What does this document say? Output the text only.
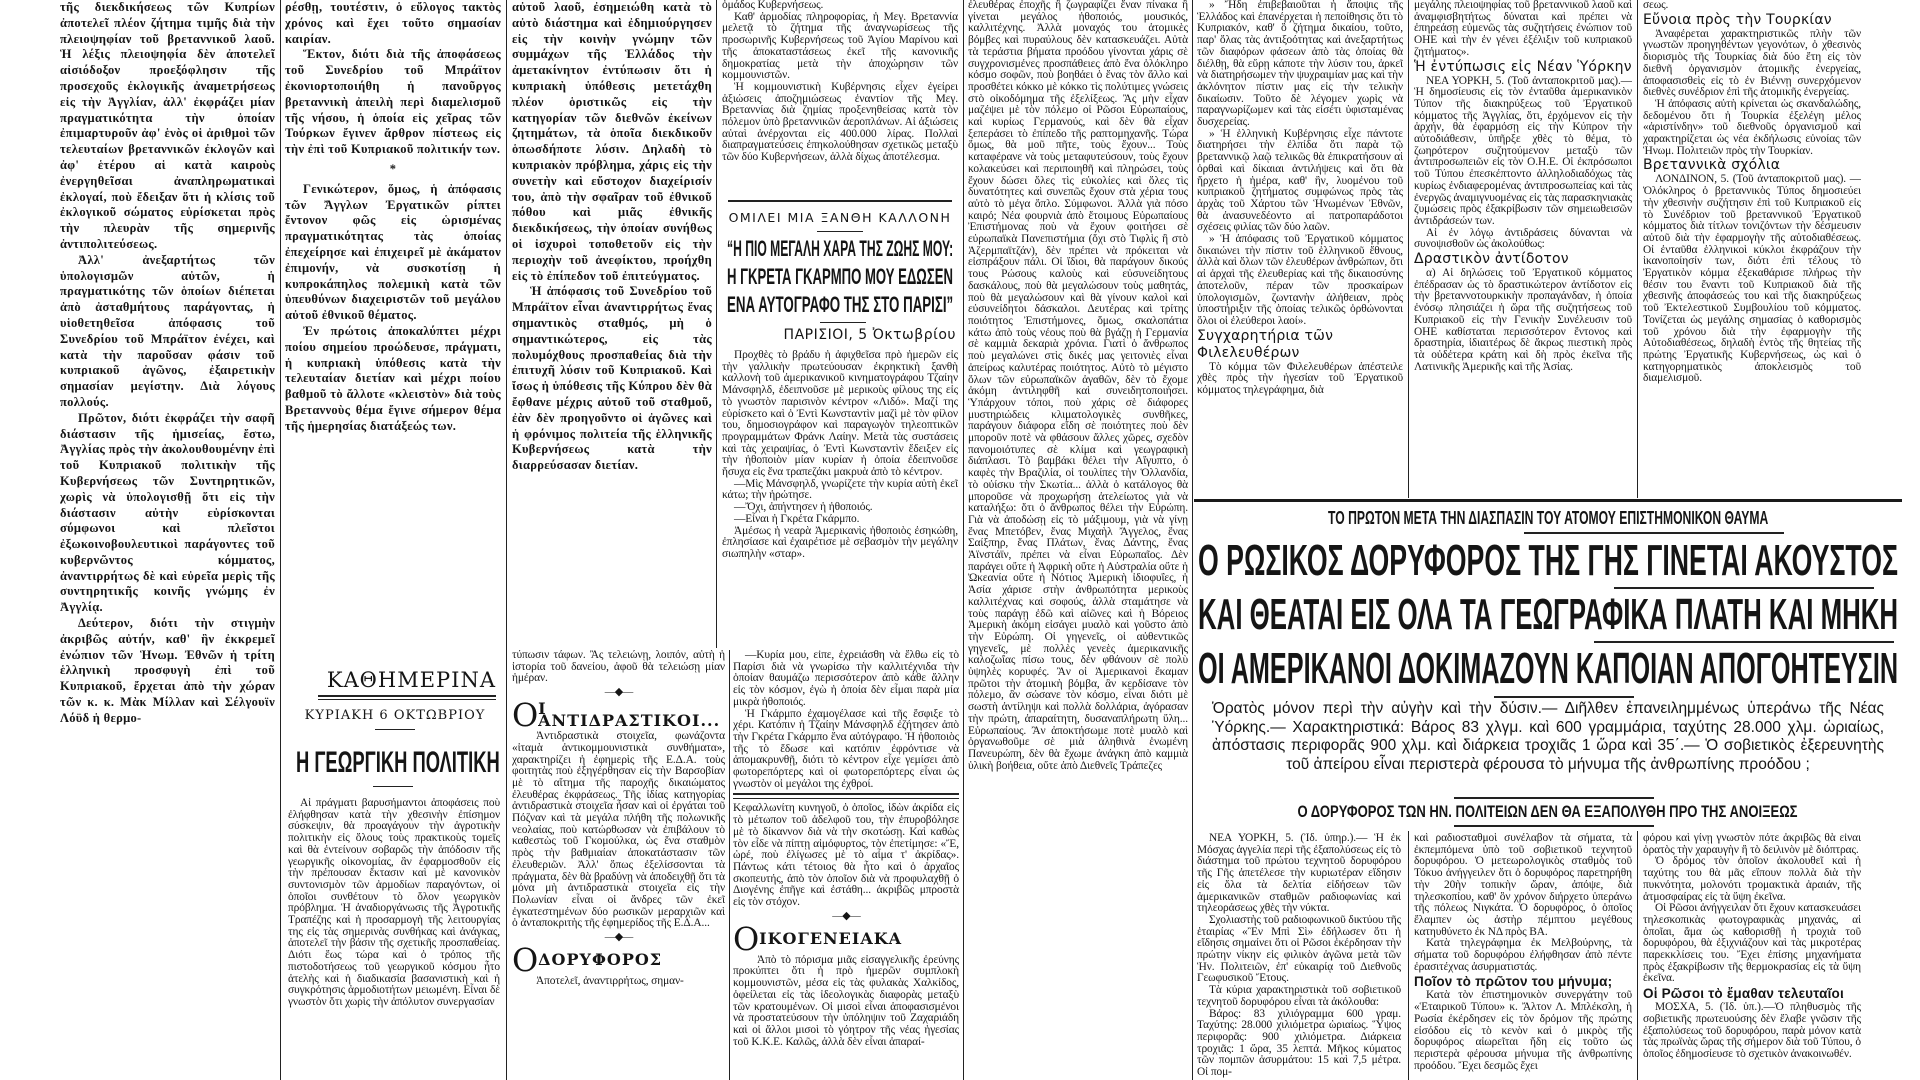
τῆς διεκδικήσεως τῶν Κυπρίων ἀποτελεῖ πλέον ζήτημα τιμῆς διὰ τὴν πλειοψηφίαν τοῦ βρεταννικοῦ λαοῦ. Ἡ λέξις πλειοψηφία δὲν ἀποτελεῖ αἰσιόδοξον προεξόφλησιν τῆς προσεχοῦς ἐκλογικῆς ἀναμετρήσεως εἰς τὴν Ἀγγλίαν, ἀλλ' ἐκφράζει μίαν πραγματικότητα τὴν ὁποίαν ἐπιμαρτυροῦν ἀφ' ἑνὸς οἱ ἀριθμοὶ τῶν τελευταίων βρεταννικῶν ἐκλογῶν καὶ ἀφ' ἑτέρου αἱ κατὰ καιροὺς ἐνεργηθεῖσαι ἀναπληρωματικαὶ ἐκλογαί, ποὺ ἔδειξαν ὅτι ἡ κλίσις τοῦ ἐκλογικοῦ σώματος εὑρίσκεται πρὸς τὴν πλευρὰν τῆς σημερινῆς ἀντιπολιτεύσεως.

Ἀλλ' ἀνεξαρτήτως τῶν ὑπολογισμῶν αὐτῶν, ἡ πραγματικότης τῶν ὁποίων διέπεται ἀπὸ ἀσταθμήτους παράγοντας, ἡ υἱοθετηθεῖσα ἀπόφασις τοῦ Συνεδρίου τοῦ Μπράϊτον ἐνέχει, καὶ κατὰ τὴν παροῦσαν φάσιν τοῦ κυπριακοῦ ἀγῶνος, ἐξαιρετικὴν σημασίαν μεγίστην. Διὰ λόγους πολλούς.

Πρῶτον, διότι ἐκφράζει τὴν σαφῆ διάστασιν τῆς ἡμισείας, ἔστω, Ἀγγλίας πρὸς τὴν ἀκολουθουμένην ἐπὶ τοῦ Κυπριακοῦ πολιτικὴν τῆς Κυβερνήσεως τῶν Συντηρητικῶν, χωρὶς νὰ ὑπολογισθῇ ὅτι εἰς τὴν διάστασιν αὐτὴν εὑρίσκονται σύμφωνοι καὶ πλεῖστοι ἐξωκοινοβουλευτικοὶ παράγοντες τοῦ κυβερνῶντος κόμματος, ἀναντιρρήτως δὲ καὶ εὐρεῖα μερὶς τῆς συντηρητικῆς κοινῆς γνώμης ἐν Ἀγγλίᾳ.

Δεύτερον, διότι τὴν στιγμὴν ἀκριβῶς αὐτήν, καθ' ἣν ἐκκρεμεῖ ἐνώπιον τῶν Ἡνωμ. Ἐθνῶν ἡ τρίτη ἑλληνικὴ προσφυγὴ ἐπὶ τοῦ Κυπριακοῦ, ἔρχεται ἀπὸ τὴν χώραν τῶν κ. κ. Μὰκ Μίλλαν καὶ Σέλγουϊν Λόϋδ ἡ θερμο-

ρέσθῃ, τουτέστιν, ὁ εὔλογος τακτὸς χρόνος καὶ ἔχει τοῦτο σημασίαν καιρίαν.

Ἕκτον, διότι διὰ τῆς ἀποφάσεως τοῦ Συνεδρίου τοῦ Μπράϊτον ἐκονιορτοποιήθη ἡ πανοῦργος βρεταννικὴ ἀπειλὴ περὶ διαμελισμοῦ τῆς νήσου, ἡ ὁποία εἰς χεῖρας τῶν Τούρκων ἔγινεν ἄρθρον πίστεως εἰς τὴν ἐπὶ τοῦ Κυπριακοῦ πολιτικήν των.

*

Γενικώτερον, ὅμως, ἡ ἀπόφασις τῶν Ἄγγλων Ἐργατικῶν ρίπτει ἔντονον φῶς εἰς ὡρισμένας πραγματικότητας τὰς ὁποίας ἐπεχείρησε καὶ ἐπιχειρεῖ μὲ ἀκάματον ἐπιμονήν, νὰ συσκοτίσῃ ἡ κυπροκάπηλος πολεμικὴ κατὰ τῶν ὑπευθύνων διαχειριστῶν τοῦ μεγάλου αὐτοῦ ἐθνικοῦ θέματος.

Ἐν πρώτοις ἀποκαλύπτει μέχρι ποίου σημείου προώδευσε, πράγματι, ἡ κυπριακὴ ὑπόθεσις κατὰ τὴν τελευταίαν διετίαν καὶ μέχρι ποίου βαθμοῦ τὸ ἄλλοτε «κλειστὸν» διὰ τοὺς Βρεταννοὺς θέμα ἔγινε σήμερον θέμα τῆς ἡμερησίας διατάξεώς των.

ΚΑΘΗΜΕΡΙΝΑ
ΚΥΡΙΑΚΗ 6 ΟΚΤΩΒΡΙΟΥ
Η ΓΕΩΡΓΙΚΗ ΠΟΛΙΤΙΚΗ

Αἱ πράγματι βαρυσήμαντοι ἀποφάσεις ποὺ ἐλήφθησαν κατὰ τὴν χθεσινὴν ἐπίσημον σύσκεψιν, θὰ προαγάγουν τὴν ἀγροτικὴν πολιτικὴν εἰς ὅλους τοὺς πρακτικοὺς τομεῖς καὶ θὰ ἐντείνουν σοβαρῶς τὴν ἀπόδοσιν τῆς γεωργικῆς οἰκονομίας, ἂν ἐφαρμοσθοῦν εἰς τὴν πρέπουσαν ἔκτασιν καὶ μὲ κανονικὸν συντονισμὸν τῶν ἁρμοδίων παραγόντων, οἱ ὁποῖοι συνθέτουν τὸ ὅλον γεωργικὸν πρόβλημα. Ἡ ἀναδιοργάνωσις τῆς Ἀγροτικῆς Τραπέζης καὶ ἡ προσαρμογὴ τῆς λειτουργίας της εἰς τὰς σημερινὰς συνθήκας καὶ ἀνάγκας, ἀποτελεῖ τὴν βάσιν τῆς σχετικῆς προσπαθείας. Διότι ἕως τώρα καὶ ὁ τρόπος τῆς πιστοδοτήσεως τοῦ γεωργικοῦ κόσμου ἦτο ἀτελὴς καὶ ἡ διαδικασία βασανιστικὴ καὶ ἡ συγκρότησις ἁρμοδιοτήτων μειωμένη. Εἶναι δὲ γνωστὸν ὅτι χωρὶς τὴν ἀπόλυτον συνεργασίαν

αὐτοῦ λαοῦ, ἐσημειώθη κατὰ τὸ αὐτὸ διάστημα καὶ ἐδημιούργησεν εἰς τὴν κοινὴν γνώμην τῶν συμμάχων τῆς Ἑλλάδος τὴν ἀμετακίνητον ἐντύπωσιν ὅτι ἡ κυπριακὴ ὑπόθεσις μετετάχθη πλέον ὁριστικῶς εἰς τὴν κατηγορίαν τῶν διεθνῶν ἐκείνων ζητημάτων, τὰ ὁποῖα διεκδικοῦν ὁπωσδήποτε λύσιν. Δηλαδὴ τὸ κυπριακὸν πρόβλημα, χάρις εἰς τὴν συνετὴν καὶ εὔστοχον διαχείρισίν του, ἀπὸ τὴν σφαῖραν τοῦ ἐθνικοῦ πόθου καὶ μιᾶς ἐθνικῆς διεκδικήσεως, τὴν ὁποίαν συνήθως οἱ ἰσχυροὶ τοποθετοῦν εἰς τὴν περιοχὴν τοῦ ἀνεφίκτου, προήχθη εἰς τὸ ἐπίπεδον τοῦ ἐπιτεύγματος.

Ἡ ἀπόφασις τοῦ Συνεδρίου τοῦ Μπράϊτον εἶναι ἀναντιρρήτως ἕνας σημαντικὸς σταθμός, μὴ ὁ σημαντικώτερος, εἰς τὰς πολυμόχθους προσπαθείας διὰ τὴν ἐπιτυχῆ λύσιν τοῦ Κυπριακοῦ. Καὶ ἴσως ἡ ὑπόθεσις τῆς Κύπρου δὲν θὰ ἔφθανε μέχρις αὐτοῦ τοῦ σταθμοῦ, ἐὰν δὲν προηγοῦντο οἱ ἀγῶνες καὶ ἡ φρόνιμος πολιτεία τῆς ἑλληνικῆς Κυβερνήσεως κατὰ τὴν διαρρεύσασαν διετίαν.

ὁμάδος Κυβερνήσεως.

Καθ' ἁρμοδίας πληροφορίας, ἡ Μεγ. Βρεταννία μελετᾷ τὸ ζήτημα τῆς ἀναγνωρίσεως τῆς προσωρινῆς Κυβερνήσεως τοῦ Ἁγίου Μαρίνου καὶ τῆς ἀποκαταστάσεως ἐκεῖ τῆς κανονικῆς δημοκρατίας μετὰ τὴν ἀποχώρησιν τῶν κομμουνιστῶν.

Ἡ κομμουνιστικὴ Κυβέρνησις εἶχεν ἐγείρει ἀξιώσεις ἀποζημιώσεως ἐναντίον τῆς Μεγ. Βρεταννίας διὰ ζημίας προξενηθείσας κατὰ τὸν πόλεμον ὑπὸ βρεταννικῶν ἀεροπλάνων. Αἱ ἀξιώσεις αὐταὶ ἀνέρχονται εἰς 400.000 λίρας. Πολλαὶ διαπραγματεύσεις ἐπηκολούθησαν σχετικῶς μεταξὺ τῶν δύο Κυβερνήσεων, ἀλλὰ δίχως ἀποτέλεσμα.

ΟΜΙΛΕΙ ΜΙΑ ΞΑΝΘΗ ΚΑΛΛΟΝΗ
“Η ΠΙΟ ΜΕΓΑΛΗ ΧΑΡΑ ΤΗΣ ΖΩΗΣ ΜΟΥ:
Η ΓΚΡΕΤΑ ΓΚΑΡΜΠΟ ΜΟΥ ΕΔΩΣΕΝ
ΕΝΑ ΑΥΤΟΓΡΑΦΟ ΤΗΣ ΣΤΟ ΠΑΡΙΣΙ”
ΠΑΡΙΣΙΟΙ, 5 Ὀκτωβρίου

Προχθὲς τὸ βράδυ ἡ ἀφιχθεῖσα πρὸ ἡμερῶν εἰς τὴν γαλλικὴν πρωτεύουσαν ἐκρηκτικὴ ξανθὴ καλλονὴ τοῦ ἀμερικανικοῦ κινηματογράφου Τζαίην Μάνσφηλδ, ἐδειπνοῦσε μὲ μερικοὺς φίλους της εἰς τὸ γνωστὸν παρισινὸν κέντρον «Λιδό». Μαζί της εὑρίσκετο καὶ ὁ Ἐντὶ Κωνσταντὶν μαζὶ μὲ τὸν φίλον του, δημοσιογράφον καὶ παραγωγὸν τηλεοπτικῶν προγραμμάτων Φράνκ Λαίην. Μετὰ τὰς συστάσεις καὶ τὰς χειραψίας, ὁ Ἐντὶ Κωνσταντὶν ἔδειξεν εἰς τὴν ἠθοποιὸν μίαν κυρίαν ἡ ὁποία ἐδειπνοῦσε ἥσυχα εἰς ἕνα τραπεζάκι μακρυὰ ἀπὸ τὸ κέντρον.

—Μὶς Μάνσφηλδ, γνωρίζετε τὴν κυρία αὐτὴ ἐκεῖ κάτω; τὴν ἠρώτησε.

—Ὄχι, ἀπήντησεν ἡ ἠθοποιός.

—Εἶναι ἡ Γκρέτα Γκάρμπο.

Ἀμέσως ἡ νεαρὰ Ἀμερικανὶς ἠθοποιὸς ἐσηκώθη, ἐπλησίασε καὶ ἐχαιρέτισε μὲ σεβασμὸν τὴν μεγάλην σιωπηλὴν «σταρ».

τύπωσιν τάφων. Ἂς τελειώνῃ, λοιπόν, αὐτὴ ἡ ἱστορία τοῦ δανείου, ἀφοῦ θὰ τελειώσῃ μίαν ἡμέραν.

—◆—
Ο Ι ΑΝΤΙΔΡΑΣΤΙΚΟΙ...

Ἀντιδραστικὰ στοιχεῖα, φωνάζοντα «ἰταμὰ ἀντικομμουνιστικὰ συνθήματα», χαρακτηρίζει ἡ ἐφημερὶς τῆς Ε.Δ.Α. τοὺς φοιτητὰς ποὺ ἐξηγέρθησαν εἰς τὴν Βαρσοβίαν μὲ τὸ αἴτημα τῆς παροχῆς δικαιώματος ἐλευθέρας ἐκφράσεως. Τῆς ἰδίας κατηγορίας ἀντιδραστικὰ στοιχεῖα ἦσαν καὶ οἱ ἐργάται τοῦ Πόζναν καὶ τὰ μεγάλα πλήθη τῆς πολωνικῆς νεολαίας, ποὺ κατώρθωσαν νὰ ἐπιβάλουν τὸ καθεστὼς τοῦ Γκομούλκα, ὡς ἕνα σταθμὸν πρὸς τὴν βαθμιαίαν ἀποκατάστασιν τῶν ἐλευθεριῶν. Ἀλλ' ὅπως ἐξελίσσονται τὰ πράγματα, δὲν θὰ βραδύνῃ νὰ ἀποδειχθῇ ὅτι τὰ μόνα μὴ ἀντιδραστικὰ στοιχεῖα εἰς τὴν Πολωνίαν εἶναι οἱ ἄνδρες τῶν ἐκεῖ ἐγκατεστημένων δύο ρωσικῶν μεραρχιῶν καὶ ὁ ἀνταποκριτὴς τῆς ἐφημερίδος τῆς Ε.Δ.Α...

—◆—
Ο ΔΟΡΥΦΟΡΟΣ

Ἀποτελεῖ, ἀναντιρρήτως, σημαν-

—Κυρία μου, εἶπε, ἐχρειάσθη νὰ ἔλθω εἰς τὸ Παρίσι διὰ νὰ γνωρίσω τὴν καλλιτέχνιδα τὴν ὁποίαν θαυμάζω περισσότερον ἀπὸ κάθε ἄλλην εἰς τὸν κόσμον, ἐγὼ ἡ ὁποία δὲν εἶμαι παρὰ μία μικρὰ ἠθοποιός.

Ἡ Γκάρμπο ἐχαμογέλασε καὶ τῆς ἔσφιξε τὸ χέρι. Κατόπιν ἡ Τζαίην Μάνσφηλδ ἐζήτησεν ἀπὸ τὴν Γκρέτα Γκάρμπο ἕνα αὐτόγραφο. Ἡ ἠθοποιὸς τῆς τὸ ἔδωσε καὶ κατόπιν ἐφρόντισε νὰ ἀπομακρυνθῇ, διότι τὸ κέντρον εἶχε γεμίσει ἀπὸ φωτορεπόρτερς καὶ οἱ φωτορεπόρτερς εἶναι ὡς γνωστὸν οἱ μεγάλοι της ἐχθροί.

Κεφαλλωνίτη κυνηγοῦ, ὁ ὁποῖος, ἰδὼν ἀκρίδα εἰς τὸ μέτωπον τοῦ ἀδελφοῦ του, τὴν ἐπυροβόλησε μὲ τὸ δίκαννον διὰ νὰ τὴν σκοτώσῃ. Καὶ καθὼς τὸν εἶδε νὰ πίπτῃ αἱμόφυρτος, τὸν ἐπετίμησε: «Ἔ, ὠρέ, ποὺ ἐλίγωσες μὲ τὸ αἷμα τ' ἀκρίδας». Πάντως κάτι τέτοιος θὰ ἦτο καὶ ὁ ἀρχαῖος σκοπευτής, ἀπὸ τὸν ὁποῖον διὰ νὰ προφυλαχθῇ ὁ Διογένης ἐπῆγε καὶ ἐστάθη... ἀκριβῶς μπροστὰ εἰς τὸν στόχον.

—◆—
Ο ΙΚΟΓΕΝΕΙΑΚΑ

Ἀπὸ τὸ πόρισμα μιᾶς εἰσαγγελικῆς ἐρεύνης προκύπτει ὅτι ἡ πρὸ ἡμερῶν συμπλοκὴ κομμουνιστῶν, μέσα εἰς τὰς φυλακὰς Χαλκίδος, ὀφείλεται εἰς τὰς ἰδεολογικὰς διαφορὰς μεταξὺ τῶν κρατουμένων. Οἱ μισοὶ εἶναι ἀποφασισμένοι νὰ προστατεύσουν τὴν ὑπόληψιν τοῦ Ζαχαριάδη καὶ οἱ ἄλλοι μισοὶ τὸ γόητρον τῆς νέας ἡγεσίας τοῦ Κ.Κ.Ε. Καλῶς, ἀλλὰ δὲν εἶναι ἀπαραί-

ἐλευθέρας ἐποχῆς ἢ ζωγραφίζει ἕναν πίνακα ἢ γίνεται μεγάλος ἠθοποιός, μουσικός, καλλιτέχνης. Ἀλλὰ μοναχός του ἀτομικὲς βόμβες καὶ πυραύλους δὲν κατασκευάζει. Αὐτὰ τὰ τεράστια βήματα προόδου γίνονται χάρις σὲ συγχρονισμένες προσπάθειες ἀπὸ ἕνα ὁλόκληρο κόσμο σοφῶν, ποὺ βοηθάει ὁ ἕνας τὸν ἄλλο καὶ προσθέτει κόκκο μὲ κόκκο τὶς πολύτιμες γνώσεις στὸ οἰκοδόμημα τῆς ἐξελίξεως. Ἂς μὴν εἶχαν μαζέψει μὲ τὸν πόλεμο οἱ Ρῶσοι Εὐρωπαίους, καὶ κυρίως Γερμανούς, καὶ δὲν θὰ εἶχαν ξεπεράσει τὸ ἐπίπεδο τῆς ραπτομηχανῆς. Τώρα ὅμως, θὰ μοῦ πῆτε, τοὺς ἔχουν... Τοὺς καταφέρανε νὰ τοὺς μεταφυτεύσουν, τοὺς ἔχουν κολακεύσει καὶ περιποιηθῆ καὶ πληρώσει, τοὺς ἔχουν δώσει ὅλες τὶς εὐκολίες καὶ ὅλες τὶς δυνατότητες καὶ συνεπῶς ἔχουν στὰ χέρια τους αὐτὸ τὸ μέγα ὅπλο. Σύμφωνοι. Ἀλλὰ γιὰ πόσο καιρό; Νέα φουρνιὰ ἀπὸ ἕτοιμους Εὐρωπαίους Ἐπιστήμονας ποὺ νὰ ἔχουν φοιτήσει σὲ εὐρωπαϊκὰ Πανεπιστήμια (ὄχι στὸ Τιφλὶς ἢ στὸ Ἀζερμπαϊτζάν), δὲν πρέπει νὰ πρόκειται νὰ εἰσπράξουν πάλι. Οἱ ἴδιοι, θὰ παράγουν δικούς τους Ρώσους καλοὺς καὶ εὐσυνείδητους δασκάλους, ποὺ θὰ μεγαλώσουν τοὺς μαθητάς, ποὺ θὰ μεγαλώσουν καὶ θὰ γίνουν καλοὶ καὶ εὐσυνείδητοι δάσκαλοι. Δευτέρας καὶ τρίτης ποιότητος Ἐπιστήμονες, ὅμως, σκαλοπάτια κάτω ἀπὸ τοὺς νέους ποὺ θὰ βγάζῃ ἡ Γερμανία σὲ καμμιὰ δεκαριὰ χρόνια. Γιατὶ ὁ ἄνθρωπος ποὺ μεγαλώνει στὶς δικές μας γειτονιὲς εἶναι ἀπείρως καλυτέρας ποιότητος. Αὐτὸ τὸ μέγιστο ὅλων τῶν εὐρωπαϊκῶν ἀγαθῶν, δὲν τὸ ἔχομε ἀκόμη ἀντιληφθῆ καὶ συνειδητοποιήσει. Ὑπάρχουν τόποι, ποὺ χάρις σὲ διάφορες μυστηριώδεις κλιματολογικὲς συνθῆκες, παράγουν διάφορα εἴδη σὲ ποιότητες ποὺ δὲν μποροῦν ποτὲ νὰ φθάσουν ἄλλες χῶρες, σχεδὸν πανομοιότυπες σὲ κλίμα καὶ γεωγραφικὴ διάπλασι. Τὸ βαμβάκι θέλει τὴν Αἴγυπτο, ὁ καφὲς τὴν Βραζιλία, οἱ τουλίπες τὴν Ὁλλανδία, τὸ οὐίσκυ τὴν Σκωτία... ἀλλὰ ὁ κατάλογος θὰ μποροῦσε νὰ προχωρήσῃ ἀτελείωτος γιὰ νὰ καταλήξω: ὅτι ὁ ἄνθρωπος θέλει τὴν Εὐρώπη. Γιὰ νὰ ἀποδώσῃ εἰς τὸ μάξιμουμ, γιὰ νὰ γίνῃ ἕνας Μπετόβεν, ἕνας Μιχαὴλ Ἄγγελος, ἕνας Σαίξπηρ, ἕνας Πλάτων, ἕνας Δάντης, ἕνας Ἀϊνστάϊν, πρέπει νὰ εἶναι Εὐρωπαῖος. Δὲν παράγει οὔτε ἡ Ἀφρικὴ οὔτε ἡ Αὐστραλία οὔτε ἡ Ὠκεανία οὔτε ἡ Νότιος Ἀμερικὴ ἰδιοφυΐες, ἡ Ἀσία χάρισε στὴν ἀνθρωπότητα μερικοὺς καλλιτέχνας καὶ σοφούς, ἀλλὰ σταμάτησε νὰ τοὺς παράγῃ ἐδῶ καὶ αἰῶνες καὶ ἡ Βόρειος Ἀμερικὴ ἀκόμη εἰσάγει μυαλὸ καὶ γοῦστο ἀπὸ τὴν Εὐρώπη. Οἱ γηγενεῖς, οἱ αὐθεντικῶς γηγενεῖς, μὲ πολλὲς γενεὲς ἀμερικανικῆς καλοζωΐας πίσω τους, δὲν φθάνουν σὲ πολὺ ὑψηλὲς κορυφές. Ἂν οἱ Ἀμερικανοὶ ἔκαμαν πρῶτοι τὴν ἀτομικὴ βόμβα, ἂν κερδίσανε τὸν πόλεμο, ἂν σώσανε τὸν κόσμο, εἶναι διότι μὲ σωστὴ ἀντίληψι καὶ πολλὰ δολλάρια, ἀγόρασαν τὴν πρώτη, ἀπαραίτητη, δυσαναπλήρωτη ὕλη... Εὐρωπαίους. Ἂν ἀποκτήσωμε ποτὲ μυαλὸ καὶ ὀργανωθοῦμε σὲ μιὰ ἀληθινὰ ἑνωμένη Πανευρώπη, δὲν θὰ ἔχωμε ἀνάγκη ἀπὸ καμμιὰ ὑλικὴ βοήθεια, οὔτε ἀπὸ Διεθνεῖς Τράπεζες

» Ἤδη ἐπιβεβαιοῦται ἡ ἄποψις τῆς Ἑλλάδος καὶ ἐπανέρχεται ἡ πεποίθησις ὅτι τὸ Κυπριακόν, καθ' ὃ ζήτημα δικαίου, τοῦτο, παρ' ὅλας τὰς ἀντιξοότητας καὶ ἀνεξαρτήτως τῶν διαφόρων φάσεων ἀπὸ τὰς ὁποίας θὰ διέλθῃ, θὰ εὕρῃ κάποτε τὴν λύσιν του, ἀρκεῖ νὰ διατηρήσωμεν τὴν ψυχραιμίαν μας καὶ τὴν ἀκλόνητον πίστιν μας εἰς τὴν τελικὴν δικαίωσιν. Τοῦτο δὲ λέγομεν χωρὶς νὰ παραγνωρίζωμεν καὶ τὰς εἰσέτι ὑφισταμένας δυσχερείας.

» Ἡ ἑλληνικὴ Κυβέρνησις εἶχε πάντοτε διατηρήσει τὴν ἐλπίδα ὅτι παρὰ τῷ βρεταννικῷ λαῷ τελικῶς θὰ ἐπικρατήσουν αἱ ὀρθαὶ καὶ δίκαιαι ἀντιλήψεις καὶ ὅτι θὰ ἤρχετο ἡ ἡμέρα, καθ' ἣν, λυομένου τοῦ κυπριακοῦ ζητήματος συμφώνως πρὸς τὰς ἀρχὰς τοῦ Χάρτου τῶν Ἡνωμένων Ἐθνῶν, θὰ ἀνασυνεδέοντο αἱ πατροπαράδοτοι σχέσεις φιλίας τῶν δύο λαῶν.

» Ἡ ἀπόφασις τοῦ Ἐργατικοῦ κόμματος δικαιώνει τὴν πίστιν τοῦ ἑλληνικοῦ ἔθνους, ἀλλὰ καὶ ὅλων τῶν ἐλευθέρων ἀνθρώπων, ὅτι αἱ ἀρχαὶ τῆς ἐλευθερίας καὶ τῆς δικαιοσύνης ἀποτελοῦν, πέραν τῶν προσκαίρων ὑπολογισμῶν, ζωντανὴν ἀλήθειαν, πρὸς ὑποστήριξιν τῆς ὁποίας τελικῶς ὀρθώνονται ὅλοι οἱ ἐλεύθεροι λαοί».

Συγχαρητήρια τῶν Φιλελευθέρων

Τὸ κόμμα τῶν Φιλελευθέρων ἀπέστειλε χθὲς πρὸς τὴν ἡγεσίαν τοῦ Ἐργατικοῦ κόμματος τηλεγράφημα, διὰ

μεγάλης πλειοψηφίας τοῦ βρεταννικοῦ λαοῦ καὶ ἀναμφισβητήτως δύναται καὶ πρέπει νὰ ἐπηρεάσῃ εὐμενῶς τὰς συζητήσεις ἐνώπιον τοῦ ΟΗΕ καὶ τὴν ἐν γένει ἐξέλιξιν τοῦ κυπριακοῦ ζητήματος».

Ἡ ἐντύπωσις εἰς Νέαν Ὑόρκην

ΝΕΑ ΥΟΡΚΗ, 5. (Τοῦ ἀνταποκριτοῦ μας).— Ἡ δημοσίευσις εἰς τὸν ἐνταῦθα ἀμερικανικὸν Τύπον τῆς διακηρύξεως τοῦ Ἐργατικοῦ κόμματος τῆς Ἀγγλίας, ὅτι, ἐρχόμενον εἰς τὴν ἀρχήν, θὰ ἐφαρμόσῃ εἰς τὴν Κύπρον τὴν αὐτοδιάθεσιν, ὑπῆρξε χθὲς τὸ θέμα, τὸ ζωηρότερον συζητούμενον μεταξὺ τῶν ἀντιπροσωπειῶν εἰς τὸν Ο.Η.Ε. Οἱ ἐκπρόσωποι τοῦ Τύπου ἐπεσκέπτοντο ἀλληλοδιαδόχως τὰς κυρίως ἐνδιαφερομένας ἀντιπροσωπείας καὶ τὰς ἐνεργῶς ἀναμιγνυομένας εἰς τὰς παρασκηνιακὰς ζυμώσεις πρὸς ἐξακρίβωσιν τῶν σημειωθεισῶν ἀντιδράσεών των.

Αἱ ἐν λόγῳ ἀντιδράσεις δύνανται νὰ συνοψισθοῦν ὡς ἀκολούθως:

Δραστικὸν ἀντίδοτον

α) Αἱ δηλώσεις τοῦ Ἐργατικοῦ κόμματος ἐπέδρασαν ὡς τὸ δραστικώτερον ἀντίδοτον εἰς τὴν βρεταννοτουρκικὴν προπαγάνδαν, ἡ ὁποία ἐνόσῳ πλησιάζει ἡ ὥρα τῆς συζητήσεως τοῦ Κυπριακοῦ εἰς τὴν Γενικὴν Συνέλευσιν τοῦ ΟΗΕ καθίσταται περισσότερον ἔντονος καὶ δραστηρία, ἰδιαιτέρως δὲ ἄκρως πιεστικὴ πρὸς τὰ οὐδέτερα κράτη καὶ δὴ πρὸς ἐκεῖνα τῆς Λατινικῆς Ἀμερικῆς καὶ τῆς Ἀσίας.

σεως.

Εὔνοια πρὸς τὴν Τουρκίαν

Ἀναφέρεται χαρακτηριστικῶς πλὴν τῶν γνωστῶν προηγηθέντων γεγονότων, ὁ χθεσινὸς διορισμὸς τῆς Τουρκίας διὰ δύο ἔτη εἰς τὸν διεθνῆ ὀργανισμὸν ἀτομικῆς ἐνεργείας, ἀποφασισθεὶς εἰς τὸ ἐν Βιέννῃ συνερχόμενον διεθνὲς συνέδριον ἐπὶ τῆς ἀτομικῆς ἐνεργείας.

Ἡ ἀπόφασις αὐτὴ κρίνεται ὡς σκανδαλώδης, δεδομένου ὅτι ἡ Τουρκία ἐξελέγη μέλος «ἀριστίνδην» τοῦ διεθνοῦς ὀργανισμοῦ καὶ χαρακτηρίζεται ὡς νέα ἐκδήλωσις εὐνοίας τῶν Ἡνωμ. Πολιτειῶν πρὸς τὴν Τουρκίαν.

Βρεταννικὰ σχόλια

ΛΟΝΔΙΝΟΝ, 5. (Τοῦ ἀνταποκριτοῦ μας). — Ὁλόκληρος ὁ βρεταννικὸς Τύπος δημοσιεύει τὴν χθεσινὴν συζήτησιν ἐπὶ τοῦ Κυπριακοῦ εἰς τὸ Συνέδριον τοῦ βρεταννικοῦ Ἐργατικοῦ κόμματος διὰ τίτλων τονιζόντων τὴν δέσμευσιν αὐτοῦ διὰ τὴν ἐφαρμογὴν τῆς αὐτοδιαθέσεως. Οἱ ἐνταῦθα ἑλληνικοὶ κύκλοι ἐκφράζουν τὴν ἱκανοποίησίν των, διότι ἐπὶ τέλους τὸ Ἐργατικὸν κόμμα ἐξεκαθάρισε πλήρως τὴν θέσιν του ἔναντι τοῦ Κυπριακοῦ διὰ τῆς χθεσινῆς ἀποφάσεώς του καὶ τῆς διακηρύξεως τοῦ Ἐκτελεστικοῦ Συμβουλίου τοῦ κόμματος. Τονίζεται ὡς μεγάλης σημασίας ὁ καθορισμὸς τοῦ χρόνου διὰ τὴν ἐφαρμογὴν τῆς Αὐτοδιαθέσεως, δηλαδὴ ἐντὸς τῆς θητείας τῆς πρώτης Ἐργατικῆς Κυβερνήσεως, ὡς καὶ ὁ κατηγορηματικὸς ἀποκλεισμὸς τοῦ διαμελισμοῦ.

ΤΟ ΠΡΩΤΟΝ ΜΕΤΑ ΤΗΝ ΔΙΑΣΠΑΣΙΝ ΤΟΥ ΑΤΟΜΟΥ ΕΠΙΣΤΗΜΟΝΙΚΟΝ ΘΑΥΜΑ
Ο ΡΩΣΙΚΟΣ ΔΟΡΥΦΟΡΟΣ ΤΗΣ ΓΗΣ ΓΙΝΕΤΑΙ ΑΚΟΥΣΤΟΣ
ΚΑΙ ΘΕΑΤΑΙ ΕΙΣ ΟΛΑ ΤΑ ΓΕΩΓΡΑΦΙΚΑ ΠΛΑΤΗ ΚΑΙ ΜΗΚΗ
ΟΙ ΑΜΕΡΙΚΑΝΟΙ ΔΟΚΙΜΑΖΟΥΝ ΚΑΠΟΙΑΝ ΑΠΟΓΟΗΤΕΥΣΙΝ
Ὁρατὸς μόνον περὶ τὴν αὐγὴν καὶ τὴν δύσιν.— Διῆλθεν ἐπανειλημμένως ὑπεράνω τῆς Νέας Ὑόρκης.— Χαρακτηριστικά: Βάρος 83 χλγμ. καὶ 600 γραμμάρια, ταχύτης 28.000 χλμ. ὡριαίως, ἀπόστασις περιφορᾶς 900 χλμ. καὶ διάρκεια τροχιᾶς 1 ὥρα καὶ 35΄.— Ὁ σοβιετικὸς ἐξερευνητὴς τοῦ ἀπείρου εἶναι περιστερὰ φέρουσα τὸ μήνυμα τῆς ἀνθρωπίνης προόδου ;
Ο ΔΟΡΥΦΟΡΟΣ ΤΩΝ ΗΝ. ΠΟΛΙΤΕΙΩΝ ΔΕΝ ΘΑ ΕΞΑΠΟΛΥΘΗ ΠΡΟ ΤΗΣ ΑΝΟΙΞΕΩΣ

ΝΕΑ ΥΟΡΚΗ, 5. (Ἰδ. ὑπηρ.).— Ἡ ἐκ Μόσχας ἀγγελία περὶ τῆς ἐξαπολύσεως εἰς τὸ διάστημα τοῦ πρώτου τεχνητοῦ δορυφόρου τῆς Γῆς ἀπετέλεσε τὴν κυριωτέραν εἴδησιν εἰς ὅλα τὰ δελτία εἰδήσεων τῶν ἀμερικανικῶν σταθμῶν ραδιοφωνίας καὶ τηλεοράσεως χθὲς τὴν νύκτα.

Σχολιαστὴς τοῦ ραδιοφωνικοῦ δικτύου τῆς ἑταιρίας «Ἒν Μπὶ Σὶ» ἐδήλωσεν ὅτι ἡ εἴδησις σημαίνει ὅτι οἱ Ρῶσοι ἐκέρδησαν τὴν πρώτην νίκην εἰς φιλικὸν ἀγῶνα μετὰ τῶν Ἡν. Πολιτειῶν, ἐπ' εὐκαιρίᾳ τοῦ Διεθνοῦς Γεωφυσικοῦ Ἔτους.

Τὰ κύρια χαρακτηριστικὰ τοῦ σοβιετικοῦ τεχνητοῦ δορυφόρου εἶναι τὰ ἀκόλουθα:

Βάρος: 83 χιλιόγραμμα 600 γραμ. Ταχύτης: 28.000 χιλιόμετρα ὡριαίως. Ὕψος περιφορᾶς: 900 χιλιόμετρα. Διάρκεια τροχιᾶς: 1 ὥρα, 35 λεπτά. Μῆκος κύματος τῶν πομπῶν ἀσυρμάτου: 15 καὶ 7,5 μέτρα. Οἱ πομ-

καὶ ραδιοσταθμοὶ συνέλαβον τὰ σήματα, τὰ ἐκπεμπόμενα ὑπὸ τοῦ σοβιετικοῦ τεχνητοῦ δορυφόρου. Ὁ μετεωρολογικὸς σταθμὸς τοῦ Τόκυο ἀνήγγειλεν ὅτι ὁ δορυφόρος παρετηρήθη τὴν 20ὴν τοπικὴν ὥραν, ἀπόψε, διὰ τηλεσκοπίου, καθ' ὃν χρόνον διήρχετο ὑπεράνω τῆς πόλεως Νιγκάτα. Ὁ δορυφόρος, ὁ ὁποῖος ἔλαμπεν ὡς ἀστὴρ πέμπτου μεγέθους κατηυθύνετο ἐκ ΝΔ πρὸς ΒΑ.

Κατὰ τηλεγράφημα ἐκ Μελβούρνης, τὰ σήματα τοῦ δορυφόρου ἐλήφθησαν ἀπὸ πέντε ἐρασιτέχνας ἀσυρματιστάς.

Ποῖον τὸ πρῶτον του μήνυμα;

Κατὰ τὸν ἐπιστημονικὸν συνεργάτην τοῦ «Ἑταιρικοῦ Τύπου» κ. Ἄλτον Λ. Μπλέκσλη, ἡ Ρωσία ἐκέρδησεν εἰς τὸν δρόμον τῆς πρώτης εἰσόδου εἰς τὸ κενὸν καὶ ὁ μικρὸς τῆς δορυφόρος αἰωρεῖται ἤδη εἰς τοῦτο ὡς περιστερὰ φέρουσα μήνυμα τῆς ἀνθρωπίνης προόδου. Ἔχει δεσμῶς ἔχει

φόρου καὶ γίνῃ γνωστὸν πότε ἀκριβῶς θὰ εἶναι ὁρατὸς τὴν χαραυγὴν ἢ τὸ δειλινὸν μὲ διόπτρας.

Ὁ δρόμος τὸν ὁποῖον ἀκολουθεῖ καὶ ἡ ταχύτης του θὰ μᾶς εἴπουν πολλὰ διὰ τὴν πυκνότητα, μολονότι τρομακτικὰ ἀραιάν, τῆς ἀτμοσφαίρας εἰς τὰ ὕψη ἐκεῖνα.

Οἱ Ρῶσοι ἀνήγγειλαν ὅτι ἔχουν κατασκευάσει τηλεσκοπικὰς φωτογραφικὰς μηχανάς, αἱ ὁποῖαι, ἅμα ὡς καθορισθῇ ἡ τροχιὰ τοῦ δορυφόρου, θὰ ἐξιχνιάζουν καὶ τὰς μικροτέρας παρεκκλίσεις του. Ἔχει ἐπίσης μηχανήματα πρὸς ἐξακρίβωσιν τῆς θερμοκρασίας εἰς τὰ ὕψη ἐκεῖνα.

Οἱ Ρῶσοι τὸ ἔμαθαν τελευταῖοι

ΜΟΣΧΑ, 5. (Ἰδ. ὑπ.).—Ὁ πληθυσμὸς τῆς σοβιετικῆς πρωτευούσης δὲν ἔλαβε γνῶσιν τῆς ἐξαπολύσεως τοῦ δορυφόρου, παρὰ μόνον κατὰ τὰς πρωϊνὰς ὥρας τῆς σήμερον διὰ τοῦ Τύπου, ὁ ὁποῖος ἐδημοσίευσε τὸ σχετικὸν ἀνακοινωθέν.
